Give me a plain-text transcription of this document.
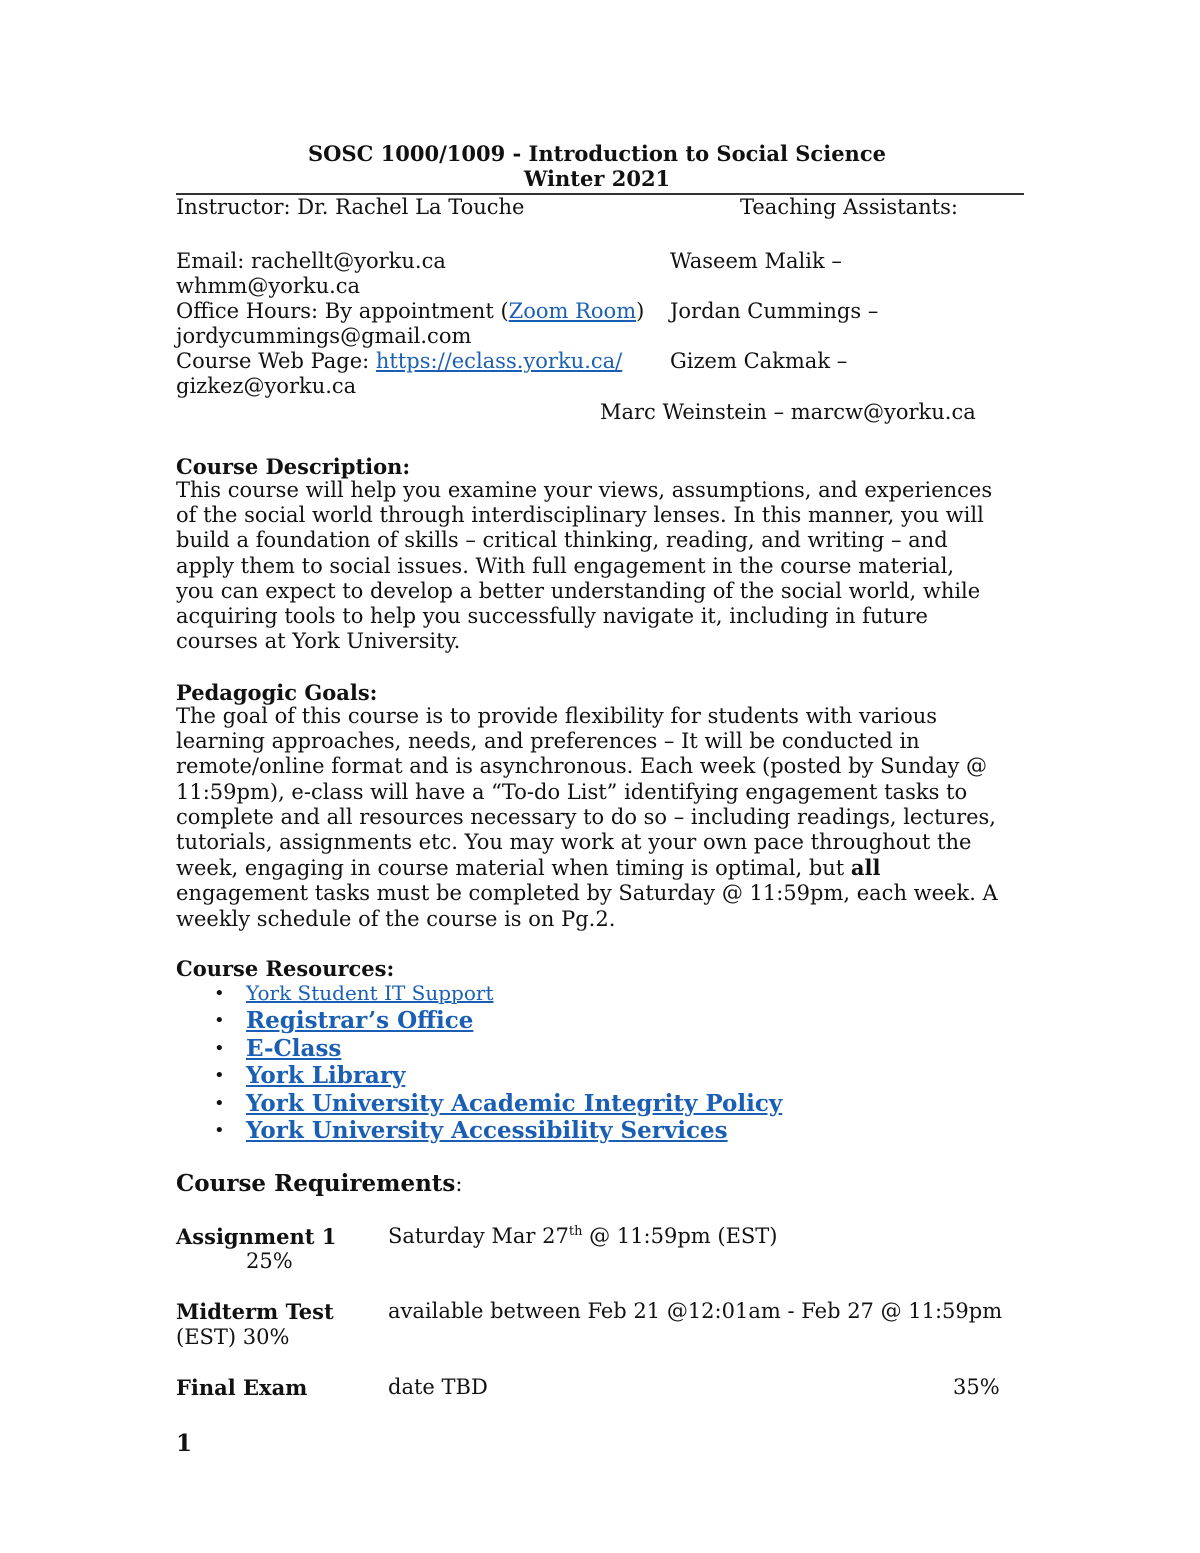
SOSC 1000/1009 - Introduction to Social Science
Winter 2021
Instructor: Dr. Rachel La Touche	Teaching Assistants:
Email: rachellt@yorku.ca	Waseem Malik –
whmm@yorku.ca
Office Hours: By appointment (Zoom Room) Jordan Cummings –
jordycummings@gmail.com
Course Web Page: https://eclass.yorku.ca/ Gizem Cakmak –
gizkez@yorku.ca
Marc Weinstein – marcw@yorku.ca
Course Description:
This course will help you examine your views, assumptions, and experiences
of the social world through interdisciplinary lenses. In this manner, you will
build a foundation of skills – critical thinking, reading, and writing – and
apply them to social issues. With full engagement in the course material,
you can expect to develop a better understanding of the social world, while
acquiring tools to help you successfully navigate it, including in future
courses at York University.
Pedagogic Goals:
The goal of this course is to provide flexibility for students with various
learning approaches, needs, and preferences – It will be conducted in
remote/online format and is asynchronous. Each week (posted by Sunday @
11:59pm), e-class will have a “To-do List” identifying engagement tasks to
complete and all resources necessary to do so – including readings, lectures,
tutorials, assignments etc. You may work at your own pace throughout the
week, engaging in course material when timing is optimal, but all
engagement tasks must be completed by Saturday @ 11:59pm, each week. A
weekly schedule of the course is on Pg.2.
Course Resources:
• York Student IT Support
• Registrar’s Office
• E-Class
• York Library
• York University Academic Integrity Policy
• York University Accessibility Services
Course Requirements:
Assignment 1 Saturday Mar 27th @ 11:59pm (EST)
25%
Midterm Test	available between Feb 21 @12:01am - Feb 27 @ 11:59pm
(EST) 30%
Final Exam	date TBD	35%
1
